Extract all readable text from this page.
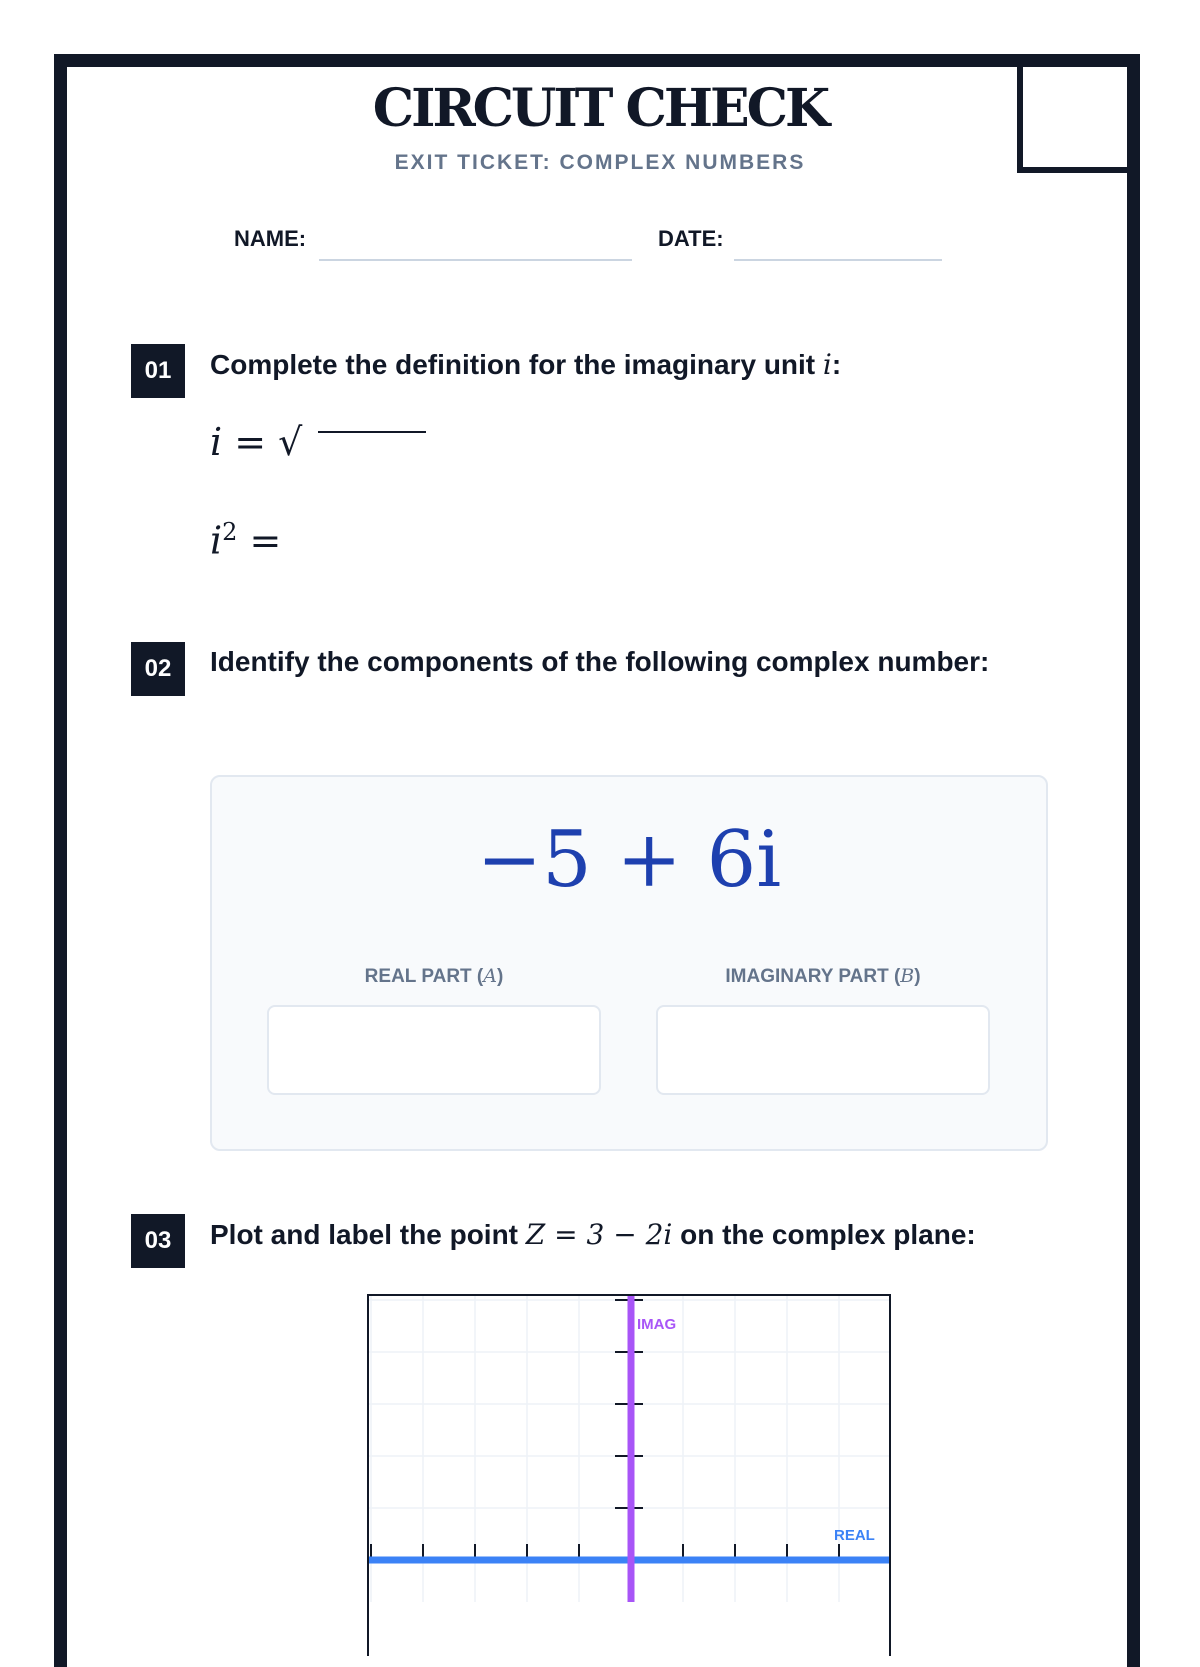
CIRCUIT CHECK
EXIT TICKET: COMPLEX NUMBERS
NAME:	DATE:
01	Complete the definition for the imaginary unit i:
i = √
$i^2$ =
02	Identify the components of the following complex number:
−5 + 6i
REAL PART (A)	IMAGINARY PART (B)
03	Plot and label the point Z = 3 − 2i on the complex plane:
IMAG
REAL
